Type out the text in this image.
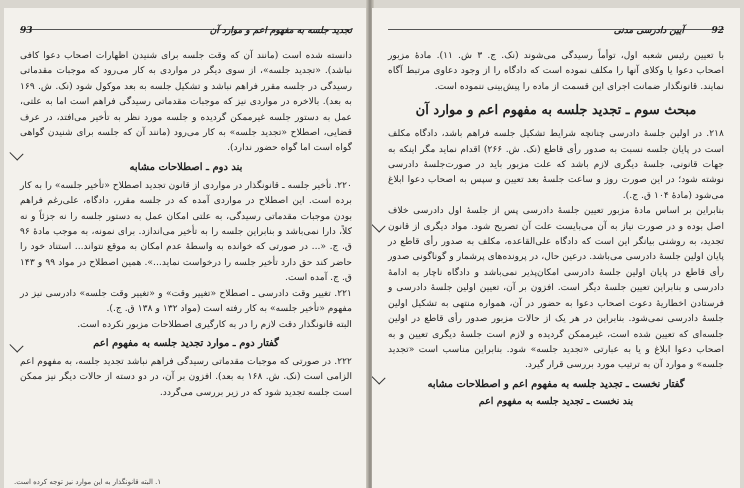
تجدید جلسه به مفهوم اعم و موارد آن
93

دانسته شده است (مانند آن که وقت جلسه برای شنیدن اظهارات اصحاب دعوا کافی نباشد). «تجدید جلسه»، از سوی دیگر در مواردی به کار می‌رود که موجبات مقدماتی رسیدگی در جلسه مقرر فراهم نباشد و تشکیل جلسه به بعد موکول شود (نک. ش. ۱۶۹ به بعد). بالاخره در مواردی نیز که موجبات مقدماتی رسیدگی فراهم است اما به علتی، عمل به دستور جلسه غیرممکن گردیده و جلسه مورد نظر به تأخیر می‌افتد، در عرف قضایی، اصطلاح «تجدید جلسه» به کار می‌رود (مانند آن که جلسه برای شنیدن گواهی گواه است اما گواه حضور ندارد).

بند دوم ـ اصطلاحات مشابه

۲۲۰. تأخیر جلسه ـ قانونگذار در مواردی از قانون تجدید اصطلاح «تأخیر جلسه» را به کار برده است. این اصطلاح در مواردی آمده که در جلسه مقرر، دادگاه، علی‌رغم فراهم بودن موجبات مقدماتی رسیدگی، به علتی امکان عمل به دستور جلسه را نه جزئاً و نه کلاً، دارا نمی‌باشد و بنابراین جلسه را به تأخیر می‌اندازد. برای نمونه، به موجب مادۀ ۹۶ ق. ج. «... در صورتی که خوانده به واسطۀ عدم امکان به موقع نتواند... استناد خود را حاضر کند حق دارد تأخیر جلسه را درخواست نماید...». همین اصطلاح در مواد ۹۹ و ۱۴۳ ق. ج. آمده است.

۲۲۱. تغییر وقت دادرسی ـ اصطلاح «تغییر وقت» و «تغییر وقت جلسه» دادرسی نیز در مفهوم «تأخیر جلسه» به کار رفته است (مواد ۱۳۲ و ۱۳۸ ق. ج.).

البته قانونگذار دقت لازم را در به کارگیری اصطلاحات مزبور نکرده است.

گفتار دوم ـ موارد تجدید جلسه به مفهوم اعم

۲۲۲. در صورتی که موجبات مقدماتی رسیدگی فراهم نباشد تجدید جلسه، به مفهوم اعم الزامی است (نک. ش. ۱۶۸ به بعد). افزون بر آن، در دو دسته از حالات دیگر نیز ممکن است جلسه تجدید شود که در زیر بررسی می‌گردد.

۱. البته قانونگذار به این موارد نیز توجه کرده است.
92
آیین دادرسی مدنی

با تعیین رئیس شعبه اول، توأماً رسیدگی می‌شوند (نک. ج. ۳ ش. ۱۱). مادۀ مزبور اصحاب دعوا یا وکلای آنها را مکلف نموده است که دادگاه را از وجود دعاوی مرتبط آگاه نمایند. قانونگذار ضمانت اجرای این قسمت از ماده را پیش‌بینی ننموده است.

مبحث سوم ـ تجدید جلسه به مفهوم اعم و موارد آن

۲۱۸. در اولین جلسۀ دادرسی چنانچه شرایط تشکیل جلسه فراهم باشد، دادگاه مکلف است در پایان جلسه نسبت به صدور رأی قاطع (نک. ش. ۲۶۶) اقدام نماید مگر اینکه به جهات قانونی، جلسۀ دیگری لازم باشد که علت مزبور باید در صورت‌جلسۀ دادرسی نوشته شود؛ در این صورت روز و ساعت جلسۀ بعد تعیین و سپس به اصحاب دعوا ابلاغ می‌شود (مادۀ ۱۰۴ ق. ج.).

بنابراین بر اساس مادۀ مزبور تعیین جلسۀ دادرسی پس از جلسۀ اول دادرسی خلاف اصل بوده و در صورت نیاز به آن می‌بایست علت آن تصریح شود. مواد دیگری از قانون تجدید، به روشنی بیانگر این است که دادگاه علی‌القاعده، مکلف به صدور رأی قاطع در پایان اولین جلسۀ دادرسی می‌باشد. درعین حال، در پرونده‌های پرشمار و گوناگونی صدور رأی قاطع در پایان اولین جلسۀ دادرسی امکان‌پذیر نمی‌باشد و دادگاه ناچار به ادامۀ دادرسی و بنابراین تعیین جلسۀ دیگر است. افزون بر آن، تعیین اولین جلسۀ دادرسی و فرستادن اخطاریۀ دعوت اصحاب دعوا به حضور در آن، همواره منتهی به تشکیل اولین جلسۀ دادرسی نمی‌شود. بنابراین در هر یک از حالات مزبور صدور رأی قاطع در اولین جلسه‌ای که تعیین شده است، غیرممکن گردیده و لازم است جلسۀ دیگری تعیین و به اصحاب دعوا ابلاغ و یا به عبارتی «تجدید جلسه» شود. بنابراین مناسب است «تجدید جلسه» و موارد آن به ترتیب مورد بررسی قرار گیرد.

گفتار نخست ـ تجدید جلسه به مفهوم اعم و اصطلاحات مشابه
بند نخست ـ تجدید جلسه به مفهوم اعم
